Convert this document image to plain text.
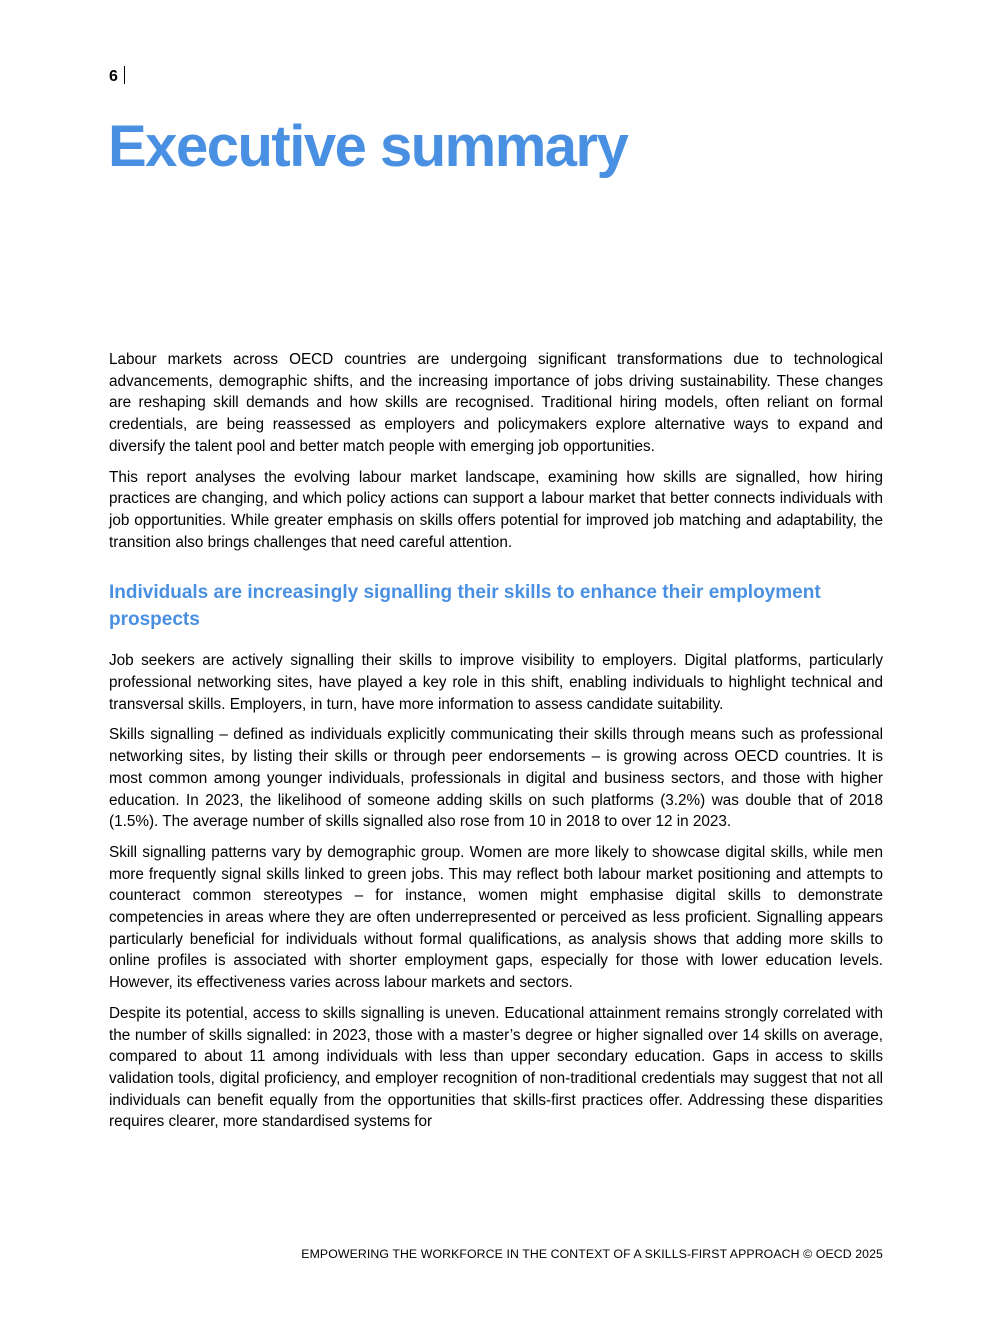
6
Executive summary

Labour markets across OECD countries are undergoing significant transformations due to technological advancements, demographic shifts, and the increasing importance of jobs driving sustainability. These changes are reshaping skill demands and how skills are recognised. Traditional hiring models, often reliant on formal credentials, are being reassessed as employers and policymakers explore alternative ways to expand and diversify the talent pool and better match people with emerging job opportunities.

This report analyses the evolving labour market landscape, examining how skills are signalled, how hiring practices are changing, and which policy actions can support a labour market that better connects individuals with job opportunities. While greater emphasis on skills offers potential for improved job matching and adaptability, the transition also brings challenges that need careful attention.

Individuals are increasingly signalling their skills to enhance their employment prospects

Job seekers are actively signalling their skills to improve visibility to employers. Digital platforms, particularly professional networking sites, have played a key role in this shift, enabling individuals to highlight technical and transversal skills. Employers, in turn, have more information to assess candidate suitability.

Skills signalling – defined as individuals explicitly communicating their skills through means such as professional networking sites, by listing their skills or through peer endorsements – is growing across OECD countries. It is most common among younger individuals, professionals in digital and business sectors, and those with higher education. In 2023, the likelihood of someone adding skills on such platforms (3.2%) was double that of 2018 (1.5%). The average number of skills signalled also rose from 10 in 2018 to over 12 in 2023.

Skill signalling patterns vary by demographic group. Women are more likely to showcase digital skills, while men more frequently signal skills linked to green jobs. This may reflect both labour market positioning and attempts to counteract common stereotypes – for instance, women might emphasise digital skills to demonstrate competencies in areas where they are often underrepresented or perceived as less proficient. Signalling appears particularly beneficial for individuals without formal qualifications, as analysis shows that adding more skills to online profiles is associated with shorter employment gaps, especially for those with lower education levels. However, its effectiveness varies across labour markets and sectors.

Despite its potential, access to skills signalling is uneven. Educational attainment remains strongly correlated with the number of skills signalled: in 2023, those with a master’s degree or higher signalled over 14 skills on average, compared to about 11 among individuals with less than upper secondary education. Gaps in access to skills validation tools, digital proficiency, and employer recognition of non-traditional credentials may suggest that not all individuals can benefit equally from the opportunities that skills-first practices offer. Addressing these disparities requires clearer, more standardised systems for

EMPOWERING THE WORKFORCE IN THE CONTEXT OF A SKILLS-FIRST APPROACH © OECD 2025
